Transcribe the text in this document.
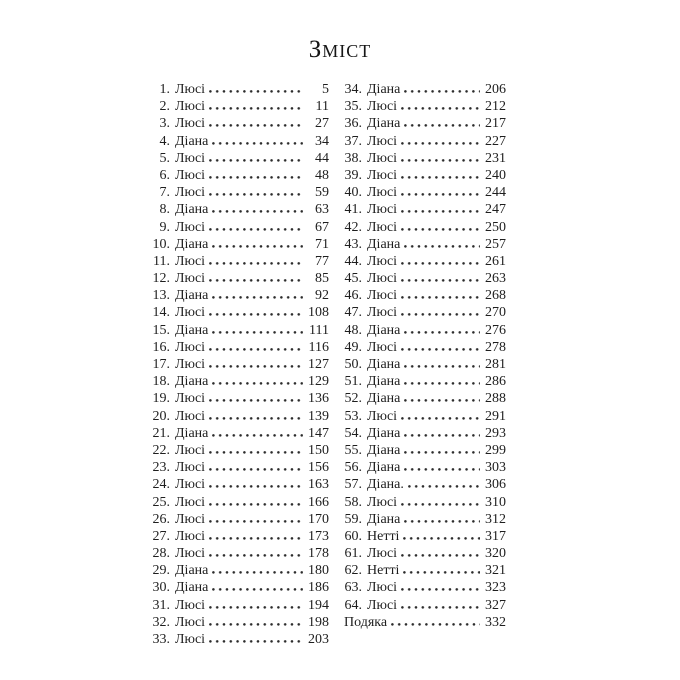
Зміст
1. Люсі	5
2. Люсі	11
3. Люсі	27
4. Діана	34
5. Люсі	44
6. Люсі	48
7. Люсі	59
8. Діана	63
9. Люсі	67
10. Діана	71
11. Люсі	77
12. Люсі	85
13. Діана	92
14. Люсі	108
15. Діана	111
16. Люсі	116
17. Люсі	127
18. Діана	129
19. Люсі	136
20. Люсі	139
21. Діана	147
22. Люсі	150
23. Люсі	156
24. Люсі	163
25. Люсі	166
26. Люсі	170
27. Люсі	173
28. Люсі	178
29. Діана	180
30. Діана	186
31. Люсі	194
32. Люсі	198
33. Люсі	203
34. Діана	206
35. Люсі	212
36. Діана	217
37. Люсі	227
38. Люсі	231
39. Люсі	240
40. Люсі	244
41. Люсі	247
42. Люсі	250
43. Діана	257
44. Люсі	261
45. Люсі	263
46. Люсі	268
47. Люсі	270
48. Діана	276
49. Люсі	278
50. Діана	281
51. Діана	286
52. Діана	288
53. Люсі	291
54. Діана	293
55. Діана	299
56. Діана	303
57. Діана.	306
58. Люсі	310
59. Діана	312
60. Нетті	317
61. Люсі	320
62. Нетті	321
63. Люсі	323
64. Люсі	327
Подяка	332
